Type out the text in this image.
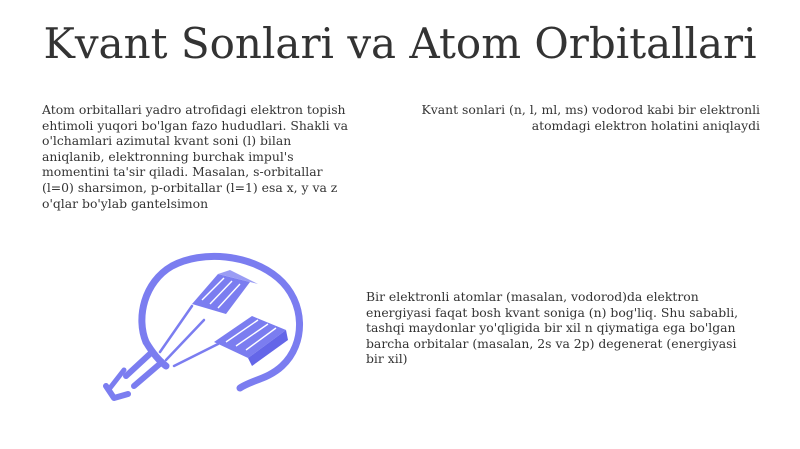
Kvant Sonlari va Atom Orbitallari

Atom orbitallari yadro atrofidagi elektron topish ehtimoli yuqori bo'lgan fazo hududlari. Shakli va o'lchamlari azimutal kvant soni (l) bilan aniqlanib, elektronning burchak impul's momentini ta'sir qiladi. Masalan, s-orbitallar (l=0) sharsimon, p-orbitallar (l=1) esa x, y va z o'qlar bo'ylab gantelsimon

Kvant sonlari (n, l, ml, ms) vodorod kabi bir elektronli atomdagi elektron holatini aniqlaydi

Bir elektronli atomlar (masalan, vodorod)da elektron energiyasi faqat bosh kvant soniga (n) bog'liq. Shu sababli, tashqi maydonlar yo'qligida bir xil n qiymatiga ega bo'lgan barcha orbitalar (masalan, 2s va 2p) degenerat (energiyasi bir xil)
